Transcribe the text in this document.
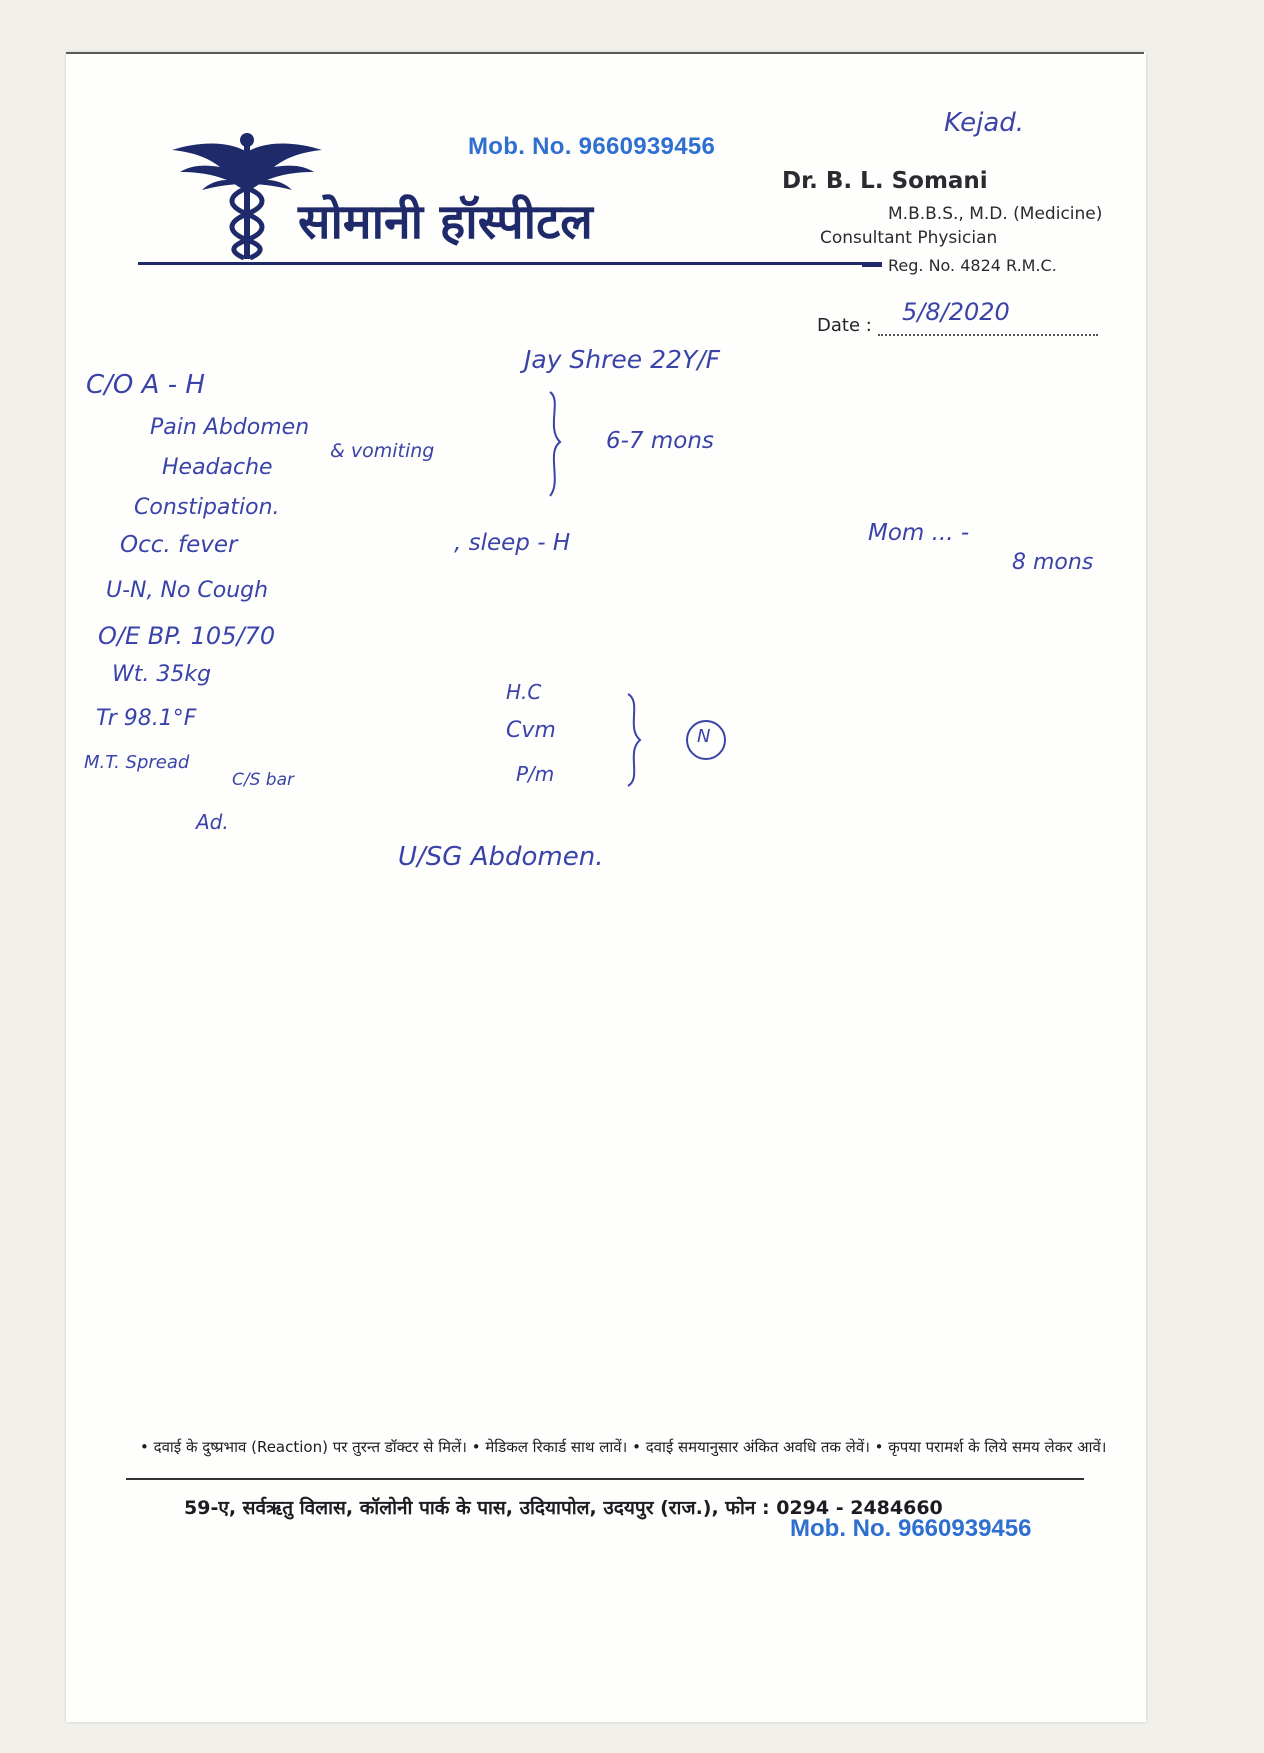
Mob. No. 9660939456
सोमानी हॉस्पीटल
Dr. B. L. Somani
M.B.B.S., M.D. (Medicine)
Consultant Physician
Reg. No. 4824 R.M.C.
Date :
Kejad.
5/8/2020
Jay Shree 22Y/F
C/O A - H
Pain Abdomen
& vomiting
Headache
6-7 mons
Constipation.
Occ. fever	, sleep - H	Mom ... -
8 mons
U-N, No Cough
O/E BP. 105/70
Wt. 35kg
Tr 98.1°F
M.T. Spread
C/S bar
Ad.
H.C
Cvm
P/m
N
U/SG Abdomen.
• दवाई के दुष्प्रभाव (Reaction) पर तुरन्त डॉक्टर से मिलें। • मेडिकल रिकार्ड साथ लावें। • दवाई समयानुसार अंकित अवधि तक लेवें। • कृपया परामर्श के लिये समय लेकर आवें।
59-ए, सर्वऋतु विलास, कॉलोनी पार्क के पास, उदियापोल, उदयपुर (राज.), फोन : 0294 - 2484660
Mob. No. 9660939456
